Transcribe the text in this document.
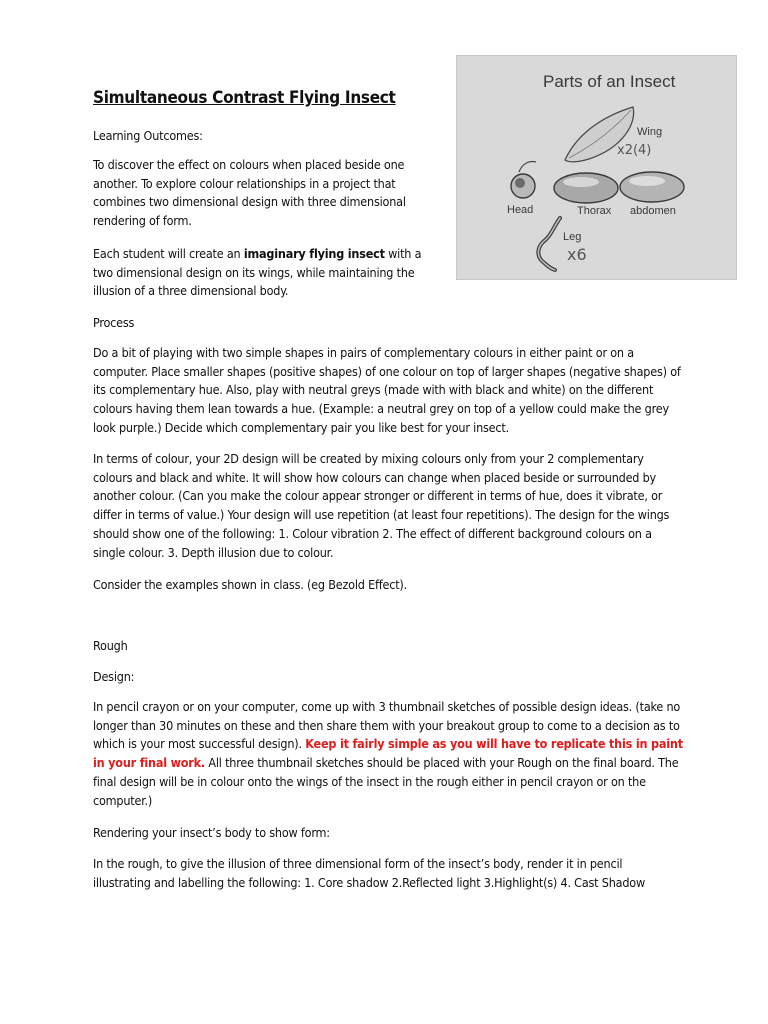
Simultaneous Contrast Flying Insect

Learning Outcomes:

To discover the effect on colours when placed beside one another. To explore colour relationships in a project that combines two dimensional design with three dimensional rendering of form.

Each student will create an imaginary flying insect with a two dimensional design on its wings, while maintaining the illusion of a three dimensional body.

Process

Do a bit of playing with two simple shapes in pairs of complementary colours in either paint or on a computer. Place smaller shapes (positive shapes) of one colour on top of larger shapes (negative shapes) of its complementary hue. Also, play with neutral greys (made with with black and white) on the different colours having them lean towards a hue. (Example: a neutral grey on top of a yellow could make the grey look purple.) Decide which complementary pair you like best for your insect.

In terms of colour, your 2D design will be created by mixing colours only from your 2 complementary colours and black and white. It will show how colours can change when placed beside or surrounded by another colour. (Can you make the colour appear stronger or different in terms of hue, does it vibrate, or differ in terms of value.) Your design will use repetition (at least four repetitions). The design for the wings should show one of the following: 1. Colour vibration 2. The effect of different background colours on a single colour. 3. Depth illusion due to colour.

Consider the examples shown in class. (eg Bezold Effect).

Rough

Design:

In pencil crayon or on your computer, come up with 3 thumbnail sketches of possible design ideas. (take no longer than 30 minutes on these and then share them with your breakout group to come to a decision as to which is your most successful design). Keep it fairly simple as you will have to replicate this in paint in your final work. All three thumbnail sketches should be placed with your Rough on the final board. The final design will be in colour onto the wings of the insect in the rough either in pencil crayon or on the computer.)

Rendering your insect’s body to show form:

In the rough, to give the illusion of three dimensional form of the insect’s body, render it in pencil illustrating and labelling the following: 1. Core shadow 2.Reflected light 3.Highlight(s) 4. Cast Shadow

Parts of an Insect
Wing
x2(4)
Head	Thorax abdomen
Leg
x6
